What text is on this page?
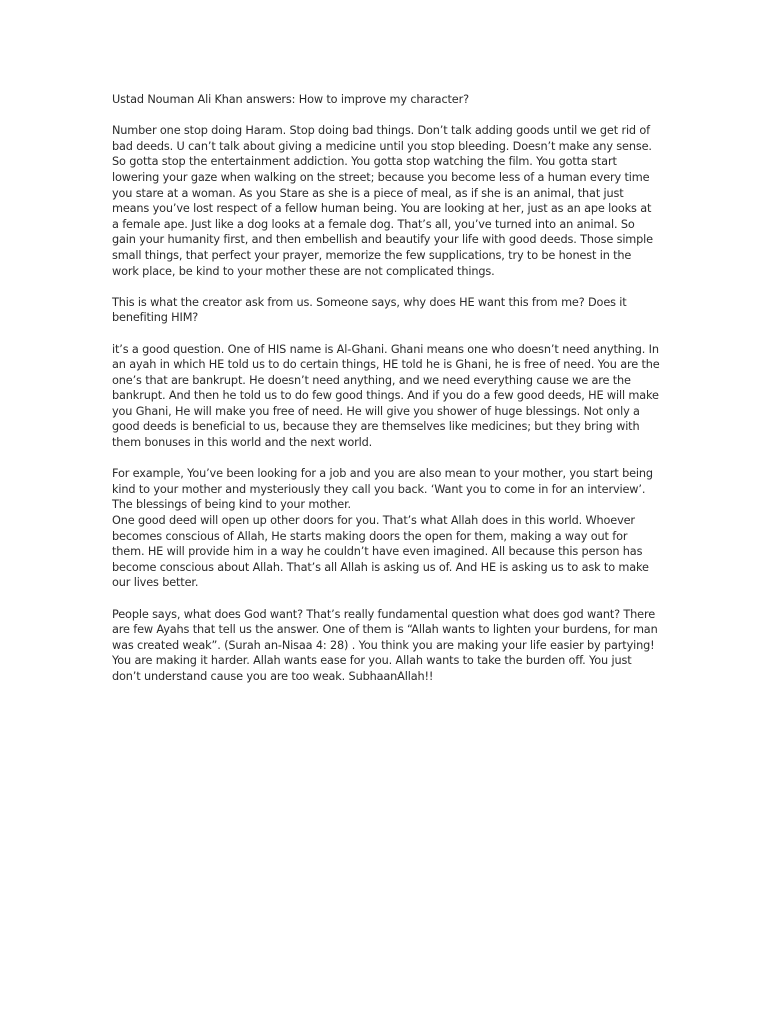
Ustad Nouman Ali Khan answers: How to improve my character?

Number one stop doing Haram. Stop doing bad things. Don’t talk adding goods until we get rid of bad deeds. U can’t talk about giving a medicine until you stop bleeding. Doesn’t make any sense. So gotta stop the entertainment addiction. You gotta stop watching the film. You gotta start lowering your gaze when walking on the street; because you become less of a human every time you stare at a woman. As you Stare as she is a piece of meal, as if she is an animal, that just means you’ve lost respect of a fellow human being. You are looking at her, just as an ape looks at a female ape. Just like a dog looks at a female dog. That’s all, you’ve turned into an animal. So gain your humanity first, and then embellish and beautify your life with good deeds. Those simple small things, that perfect your prayer, memorize the few supplications, try to be honest in the work place, be kind to your mother these are not complicated things.

This is what the creator ask from us. Someone says, why does HE want this from me? Does it benefiting HIM?

it’s a good question. One of HIS name is Al-Ghani. Ghani means one who doesn’t need anything. In an ayah in which HE told us to do certain things, HE told he is Ghani, he is free of need. You are the one’s that are bankrupt. He doesn’t need anything, and we need everything cause we are the bankrupt. And then he told us to do few good things. And if you do a few good deeds, HE will make you Ghani, He will make you free of need. He will give you shower of huge blessings. Not only a good deeds is beneficial to us, because they are themselves like medicines; but they bring with them bonuses in this world and the next world.

For example, You’ve been looking for a job and you are also mean to your mother, you start being kind to your mother and mysteriously they call you back. ‘Want you to come in for an interview’. The blessings of being kind to your mother.

One good deed will open up other doors for you. That’s what Allah does in this world. Whoever becomes conscious of Allah, He starts making doors the open for them, making a way out for them. HE will provide him in a way he couldn’t have even imagined. All because this person has become conscious about Allah. That’s all Allah is asking us of. And HE is asking us to ask to make our lives better.

People says, what does God want? That’s really fundamental question what does god want? There are few Ayahs that tell us the answer. One of them is “Allah wants to lighten your burdens, for man was created weak”. (Surah an-Nisaa 4: 28) . You think you are making your life easier by partying! You are making it harder. Allah wants ease for you. Allah wants to take the burden off. You just don’t understand cause you are too weak. SubhaanAllah!!
